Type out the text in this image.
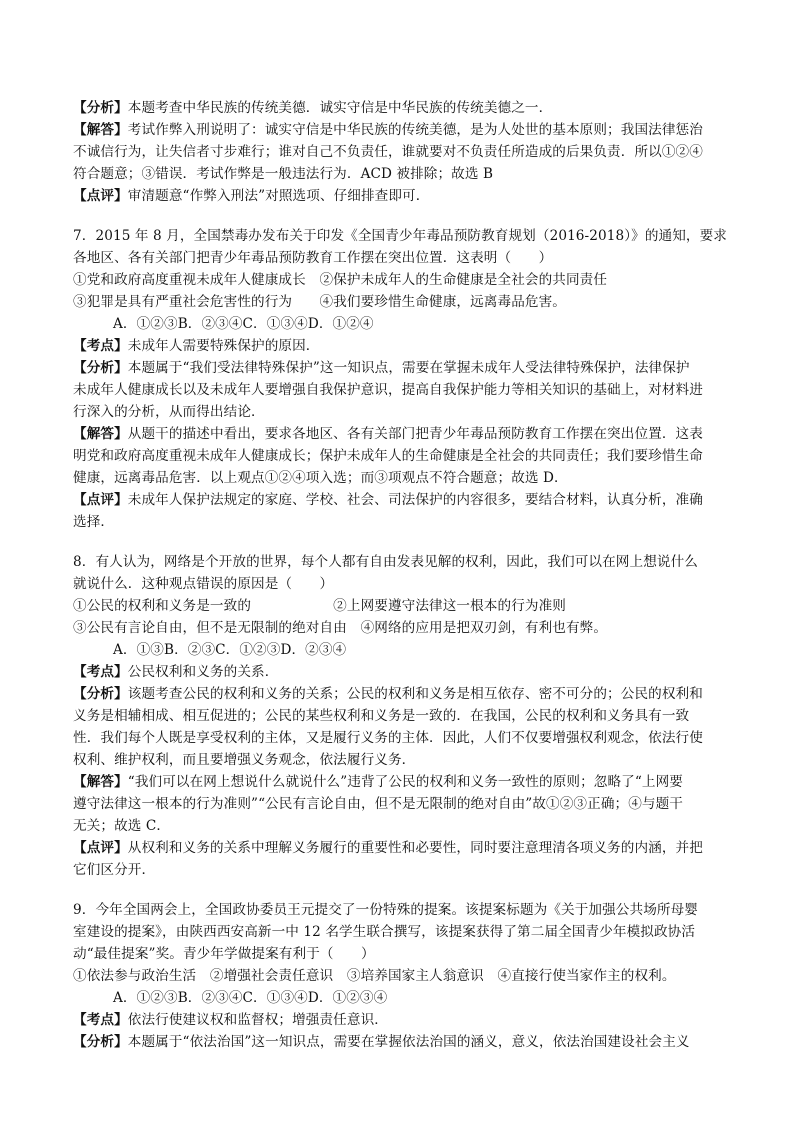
【分析】本题考查中华民族的传统美德．诚实守信是中华民族的传统美德之一．
【解答】考试作弊入刑说明了：诚实守信是中华民族的传统美德，是为人处世的基本原则；我国法律惩治
不诚信行为，让失信者寸步难行；谁对自己不负责任，谁就要对不负责任所造成的后果负责．所以①②④
符合题意；③错误．考试作弊是一般违法行为．ACD 被排除；故选 B
【点评】审清题意“作弊入刑法”对照选项、仔细排查即可．
7．2015 年 8 月，全国禁毒办发布关于印发《全国青少年毒品预防教育规划（2016-2018）》的通知，要求
各地区、各有关部门把青少年毒品预防教育工作摆在突出位置．这表明（　　）
①党和政府高度重视未成年人健康成长　②保护未成年人的生命健康是全社会的共同责任
③犯罪是具有严重社会危害性的行为　　④我们要珍惜生命健康，远离毒品危害。
A．①②③B．②③④C．①③④D．①②④
【考点】未成年人需要特殊保护的原因．
【分析】本题属于“我们受法律特殊保护”这一知识点，需要在掌握未成年人受法律特殊保护，法律保护
未成年人健康成长以及未成年人要增强自我保护意识，提高自我保护能力等相关知识的基础上，对材料进
行深入的分析，从而得出结论．
【解答】从题干的描述中看出，要求各地区、各有关部门把青少年毒品预防教育工作摆在突出位置．这表
明党和政府高度重视未成年人健康成长；保护未成年人的生命健康是全社会的共同责任；我们要珍惜生命
健康，远离毒品危害．以上观点①②④项入选；而③项观点不符合题意；故选 D．
【点评】未成年人保护法规定的家庭、学校、社会、司法保护的内容很多，要结合材料，认真分析，准确
选择．
8．有人认为，网络是个开放的世界，每个人都有自由发表见解的权利，因此，我们可以在网上想说什么
就说什么．这种观点错误的原因是（　　）
①公民的权利和义务是一致的　　　　　　②上网要遵守法律这一根本的行为准则
③公民有言论自由，但不是无限制的绝对自由　④网络的应用是把双刃剑，有利也有弊。
A．①③B．②③C．①②③D．②③④
【考点】公民权利和义务的关系．
【分析】该题考查公民的权利和义务的关系；公民的权利和义务是相互依存、密不可分的；公民的权利和
义务是相辅相成、相互促进的；公民的某些权利和义务是一致的．在我国，公民的权利和义务具有一致
性．我们每个人既是享受权利的主体，又是履行义务的主体．因此，人们不仅要增强权利观念，依法行使
权利、维护权利，而且要增强义务观念，依法履行义务．
【解答】“我们可以在网上想说什么就说什么”违背了公民的权利和义务一致性的原则；忽略了“上网要
遵守法律这一根本的行为准则”“公民有言论自由，但不是无限制的绝对自由”故①②③正确；④与题干
无关；故选 C．
【点评】从权利和义务的关系中理解义务履行的重要性和必要性，同时要注意理清各项义务的内涵，并把
它们区分开．
9．今年全国两会上，全国政协委员王元提交了一份特殊的提案。该提案标题为《关于加强公共场所母婴
室建设的提案》，由陕西西安高新一中 12 名学生联合撰写，该提案获得了第二届全国青少年模拟政协活
动“最佳提案”奖。青少年学做提案有利于（　　）
①依法参与政治生活　②增强社会责任意识　③培养国家主人翁意识　④直接行使当家作主的权利。
A．①②③B．②③④C．①③④D．①②③④
【考点】依法行使建议权和监督权；增强责任意识．
【分析】本题属于“依法治国”这一知识点，需要在掌握依法治国的涵义，意义，依法治国建设社会主义
